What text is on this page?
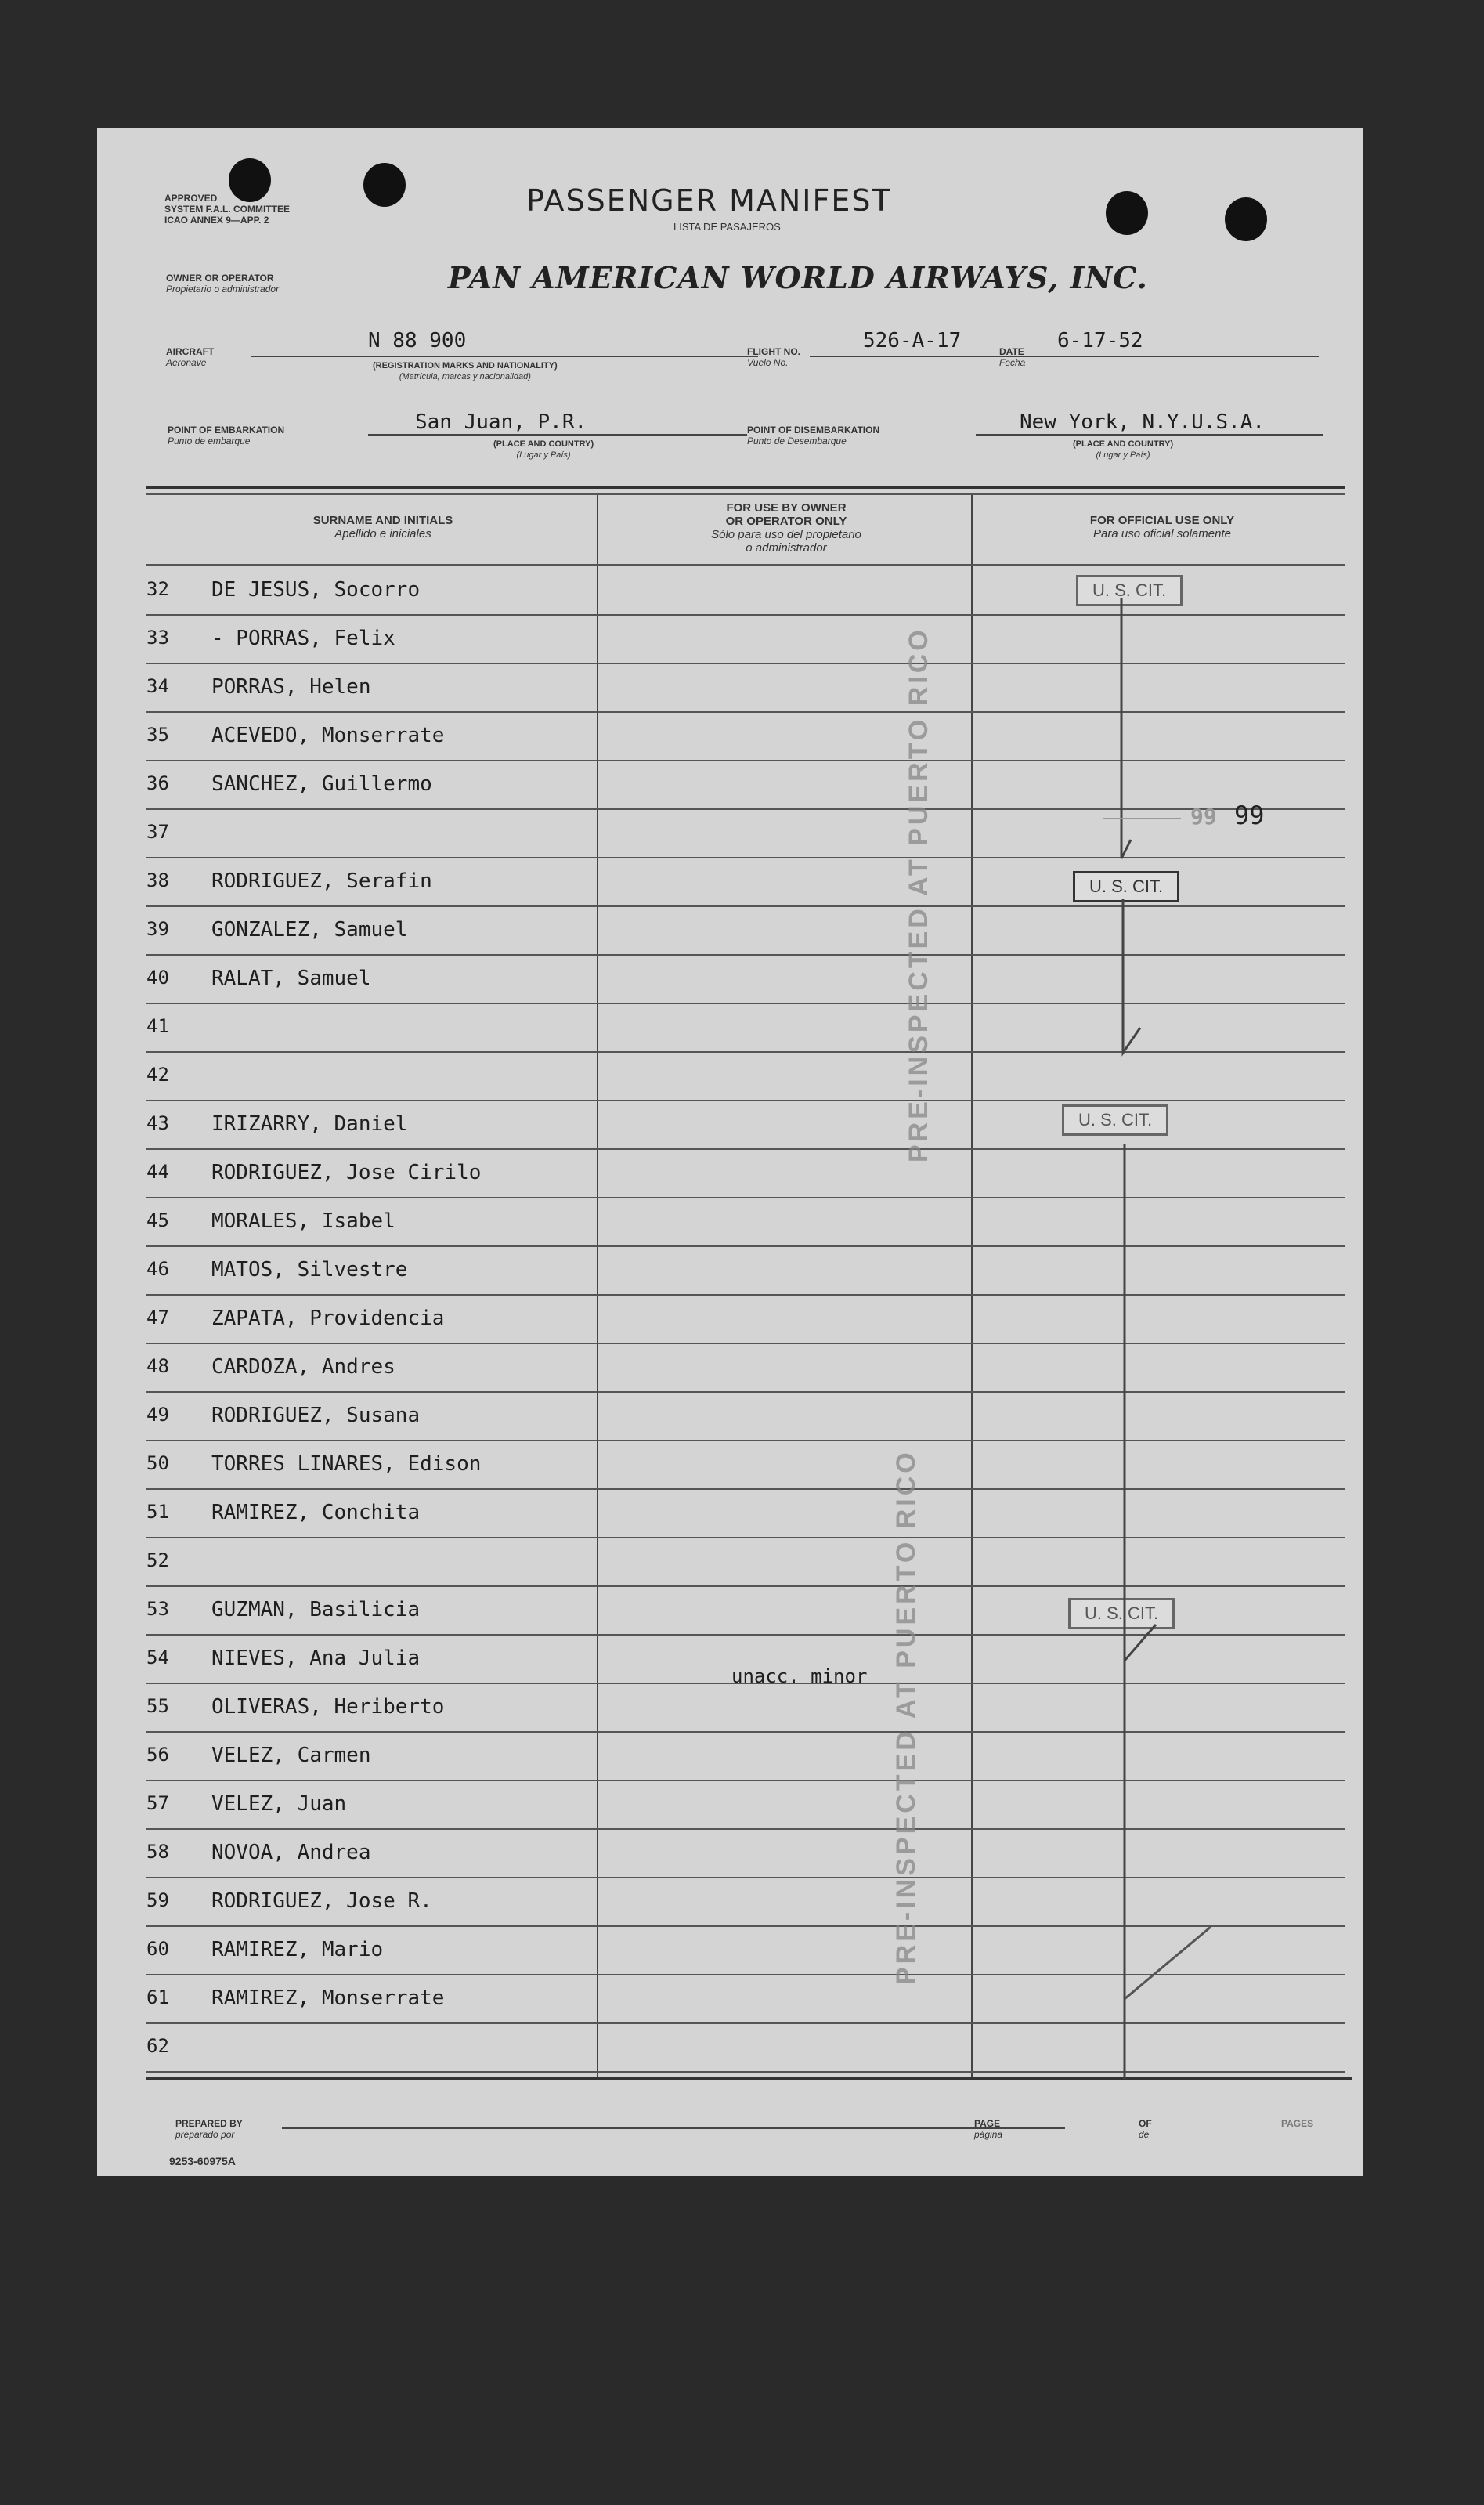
APPROVED
SYSTEM F.A.L. COMMITTEE
ICAO ANNEX 9—APP. 2
PASSENGER MANIFEST
LISTA DE PASAJEROS
OWNER OR OPERATOR
Propietario o administrador	PAN AMERICAN WORLD AIRWAYS, INC.
AIRCRAFT
Aeronave
N 88 900
(REGISTRATION MARKS AND NATIONALITY)
(Matrícula, marcas y nacionalidad)
FLIGHT NO.
Vuelo No.
526-A-17	DATE
Fecha
6-17-52
POINT OF EMBARKATION
Punto de embarque
San Juan, P.R.
(PLACE AND COUNTRY)
(Lugar y País)
POINT OF DISEMBARKATION
Punto de Desembarque
New York, N.Y.U.S.A.
(PLACE AND COUNTRY)
(Lugar y País)
SURNAME AND INITIALS
Apellido e iniciales
FOR USE BY OWNER
OR OPERATOR ONLY
Sólo para uso del propietario
o administrador
FOR OFFICIAL USE ONLY
Para uso oficial solamente
32 DE JESUS, Socorro
33 - PORRAS, Felix
34 PORRAS, Helen
35 ACEVEDO, Monserrate
36 SANCHEZ, Guillermo
37
38 RODRIGUEZ, Serafin
39 GONZALEZ, Samuel
40 RALAT, Samuel
41
42
43 IRIZARRY, Daniel
44 RODRIGUEZ, Jose Cirilo
45 MORALES, Isabel
46 MATOS, Silvestre
47 ZAPATA, Providencia
48 CARDOZA, Andres
49 RODRIGUEZ, Susana
50 TORRES LINARES, Edison
51 RAMIREZ, Conchita
52
53 GUZMAN, Basilicia
54 NIEVES, Ana Julia
55 OLIVERAS, Heriberto
56 VELEZ, Carmen
57 VELEZ, Juan
58 NOVOA, Andrea
59 RODRIGUEZ, Jose R.
60 RAMIREZ, Mario
61 RAMIREZ, Monserrate
62
unacc. minor
PRE-INSPECTED AT PUERTO RICO
PRE-INSPECTED AT PUERTO RICO
U. S. CIT.
U. S. CIT.
U. S. CIT.
U. S. CIT.
99
99
PREPARED BY
preparado por
PAGE
página
OF
de
PAGES
9253-60975A
